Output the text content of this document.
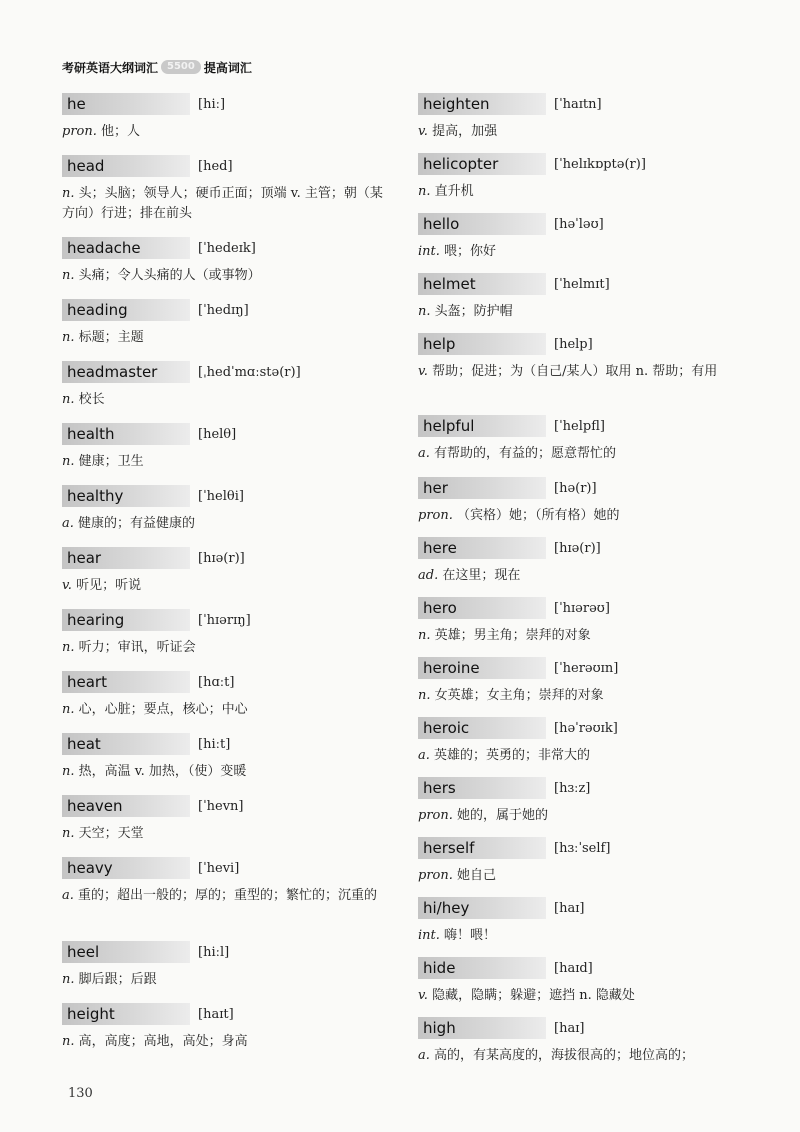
考研英语大纲词汇 5500 提高词汇
he	[hiː]
pron. 他；人
head	[hed]
n. 头；头脑；领导人；硬币正面；顶端 v. 主管；朝（某方向）行进；排在前头
headache	[ˈhedeɪk]
n. 头痛；令人头痛的人（或事物）
heading	[ˈhedɪŋ]
n. 标题；主题
headmaster	[ˌhedˈmɑːstə(r)]
n. 校长
health	[helθ]
n. 健康；卫生
healthy	[ˈhelθi]
a. 健康的；有益健康的
hear	[hɪə(r)]
v. 听见；听说
hearing	[ˈhɪərɪŋ]
n. 听力；审讯，听证会
heart	[hɑːt]
n. 心，心脏；要点，核心；中心
heat	[hiːt]
n. 热，高温 v. 加热，（使）变暖
heaven	[ˈhevn]
n. 天空；天堂
heavy	[ˈhevi]
a. 重的；超出一般的；厚的；重型的；繁忙的；沉重的
heel	[hiːl]
n. 脚后跟；后跟
height	[haɪt]
n. 高，高度；高地，高处；身高
heighten	[ˈhaɪtn]
v. 提高，加强
helicopter	[ˈhelɪkɒptə(r)]
n. 直升机
hello	[həˈləʊ]
int. 喂；你好
helmet	[ˈhelmɪt]
n. 头盔；防护帽
help	[help]
v. 帮助；促进；为（自己/某人）取用 n. 帮助；有用
helpful	[ˈhelpfl]
a. 有帮助的，有益的；愿意帮忙的
her	[hə(r)]
pron. （宾格）她；（所有格）她的
here	[hɪə(r)]
ad. 在这里；现在
hero	[ˈhɪərəʊ]
n. 英雄；男主角；崇拜的对象
heroine	[ˈherəʊɪn]
n. 女英雄；女主角；崇拜的对象
heroic	[həˈrəʊɪk]
a. 英雄的；英勇的；非常大的
hers	[hɜːz]
pron. 她的，属于她的
herself	[hɜːˈself]
pron. 她自己
hi/hey	[haɪ]
int. 嗨！喂！
hide	[haɪd]
v. 隐藏，隐瞒；躲避；遮挡 n. 隐藏处
high	[haɪ]
a. 高的，有某高度的，海拔很高的；地位高的；
130
